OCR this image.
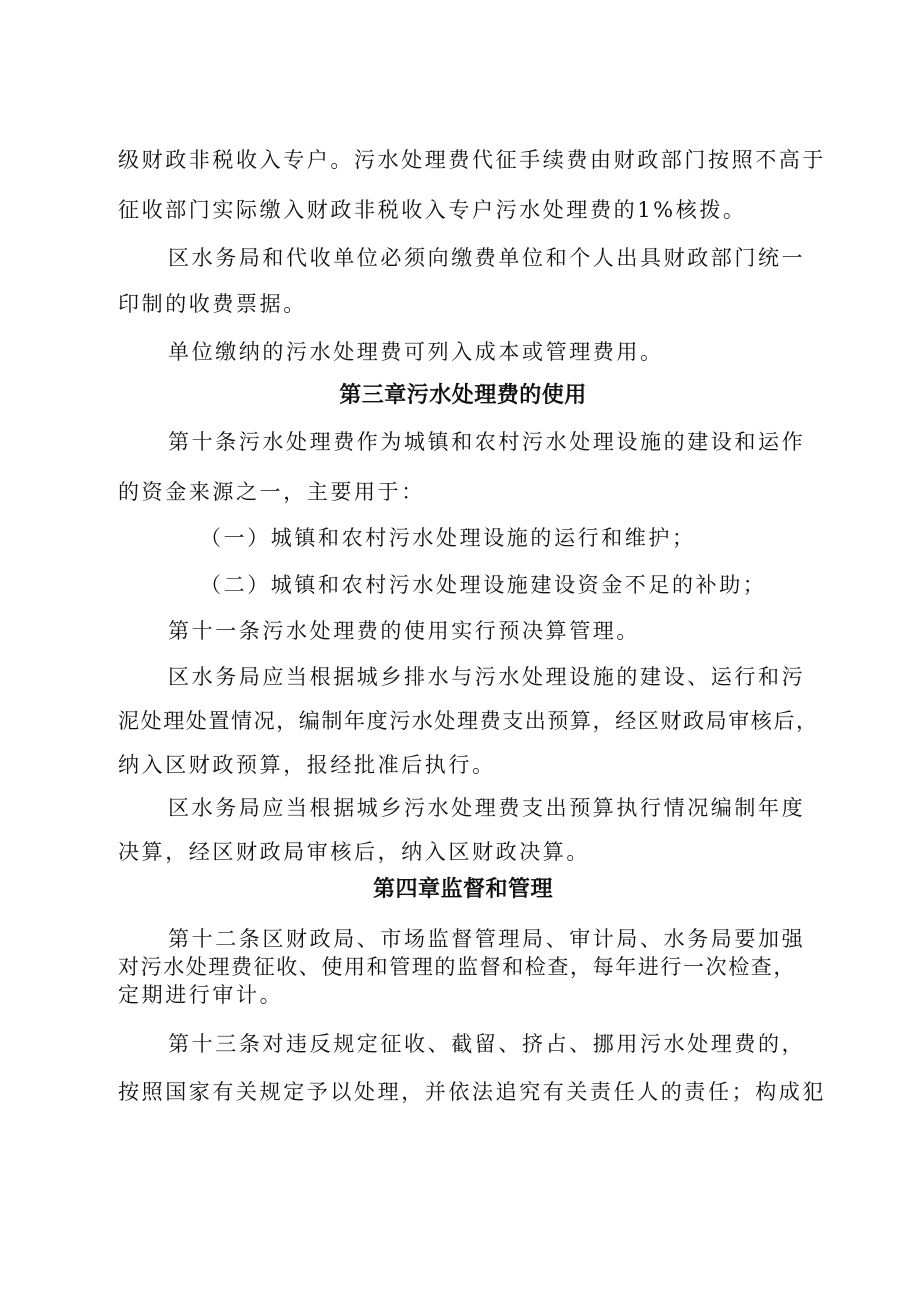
级财政非税收入专户。污水处理费代征手续费由财政部门按照不高于
征收部门实际缴入财政非税收入专户污水处理费的1%核拨。
区水务局和代收单位必须向缴费单位和个人出具财政部门统一
印制的收费票据。
单位缴纳的污水处理费可列入成本或管理费用。
第三章污水处理费的使用
第十条污水处理费作为城镇和农村污水处理设施的建设和运作
的资金来源之一，主要用于：
（一）城镇和农村污水处理设施的运行和维护；
（二）城镇和农村污水处理设施建设资金不足的补助；
第十一条污水处理费的使用实行预决算管理。
区水务局应当根据城乡排水与污水处理设施的建设、运行和污
泥处理处置情况，编制年度污水处理费支出预算，经区财政局审核后，
纳入区财政预算，报经批准后执行。
区水务局应当根据城乡污水处理费支出预算执行情况编制年度
决算，经区财政局审核后，纳入区财政决算。
第四章监督和管理
第十二条区财政局、市场监督管理局、审计局、水务局要加强
对污水处理费征收、使用和管理的监督和检查，每年进行一次检查，
定期进行审计。
第十三条对违反规定征收、截留、挤占、挪用污水处理费的，
按照国家有关规定予以处理，并依法追究有关责任人的责任；构成犯
